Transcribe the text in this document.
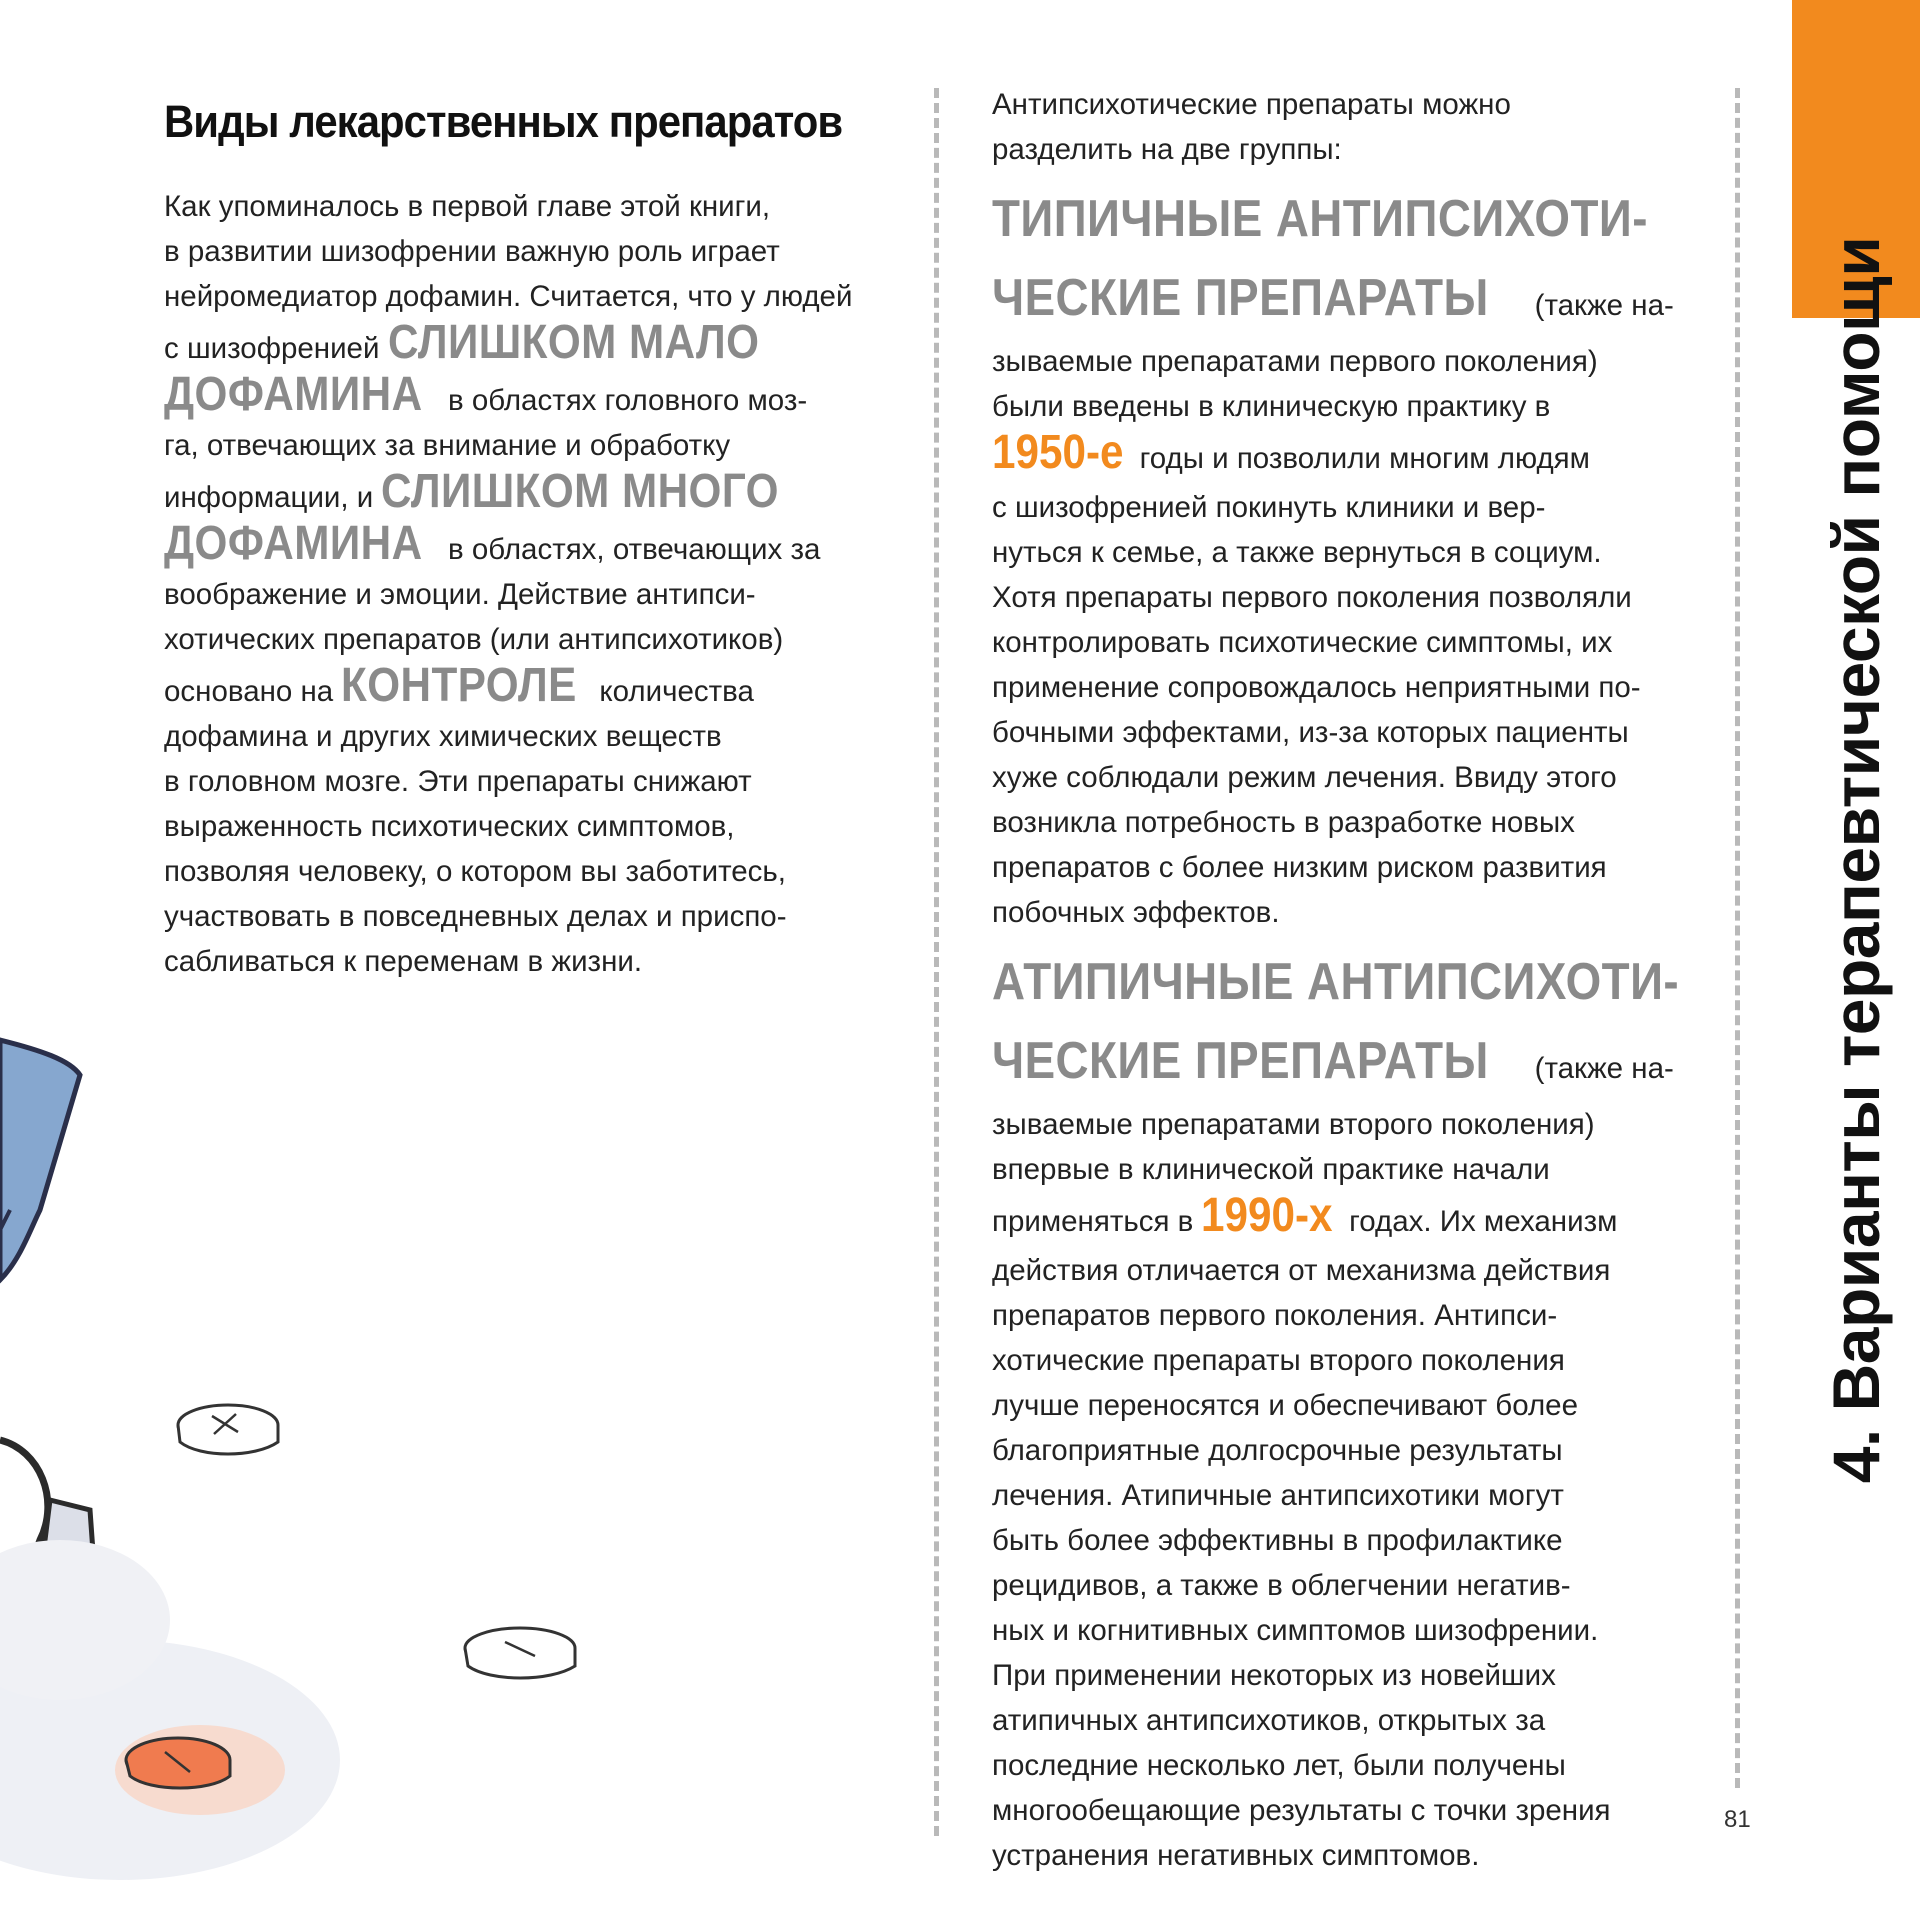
Виды лекарственных препаратов
Как упоминалось в первой главе этой книги,
в развитии шизофрении важную роль играет
нейромедиатор дофамин. Считается, что у людей
с шизофренией СЛИШКОМ МАЛО
ДОФАМИНА в областях головного моз-
га, отвечающих за внимание и обработку
информации, и СЛИШКОМ МНОГО
ДОФАМИНА в областях, отвечающих за
воображение и эмоции. Действие антипси-
хотических препаратов (или антипсихотиков)
основано на КОНТРОЛЕ количества
дофамина и других химических веществ
в головном мозге. Эти препараты снижают
выраженность психотических симптомов,
позволяя человеку, о котором вы заботитесь,
участвовать в повседневных делах и приспо-
сабливаться к переменам в жизни.
Антипсихотические препараты можно
разделить на две группы:
ТИПИЧНЫЕ АНТИПСИХОТИ-
ЧЕСКИЕ ПРЕПАРАТЫ (также на-
зываемые препаратами первого поколения)
были введены в клиническую практику в
1950-е годы и позволили многим людям
с шизофренией покинуть клиники и вер-
нуться к семье, а также вернуться в социум.
Хотя препараты первого поколения позволяли
контролировать психотические симптомы, их
применение сопровождалось неприятными по-
бочными эффектами, из-за которых пациенты
хуже соблюдали режим лечения. Ввиду этого
возникла потребность в разработке новых
препаратов с более низким риском развития
побочных эффектов.
АТИПИЧНЫЕ АНТИПСИХОТИ-
ЧЕСКИЕ ПРЕПАРАТЫ (также на-
зываемые препаратами второго поколения)
впервые в клинической практике начали
применяться в 1990-х годах. Их механизм
действия отличается от механизма действия
препаратов первого поколения. Антипси-
хотические препараты второго поколения
лучше переносятся и обеспечивают более
благоприятные долгосрочные результаты
лечения. Атипичные антипсихотики могут
быть более эффективны в профилактике
рецидивов, а также в облегчении негатив-
ных и когнитивных симптомов шизофрении.
При применении некоторых из новейших
атипичных антипсихотиков, открытых за
последние несколько лет, были получены
многообещающие результаты с точки зрения
устранения негативных симптомов.
4. Варианты терапевтической помощи
81
